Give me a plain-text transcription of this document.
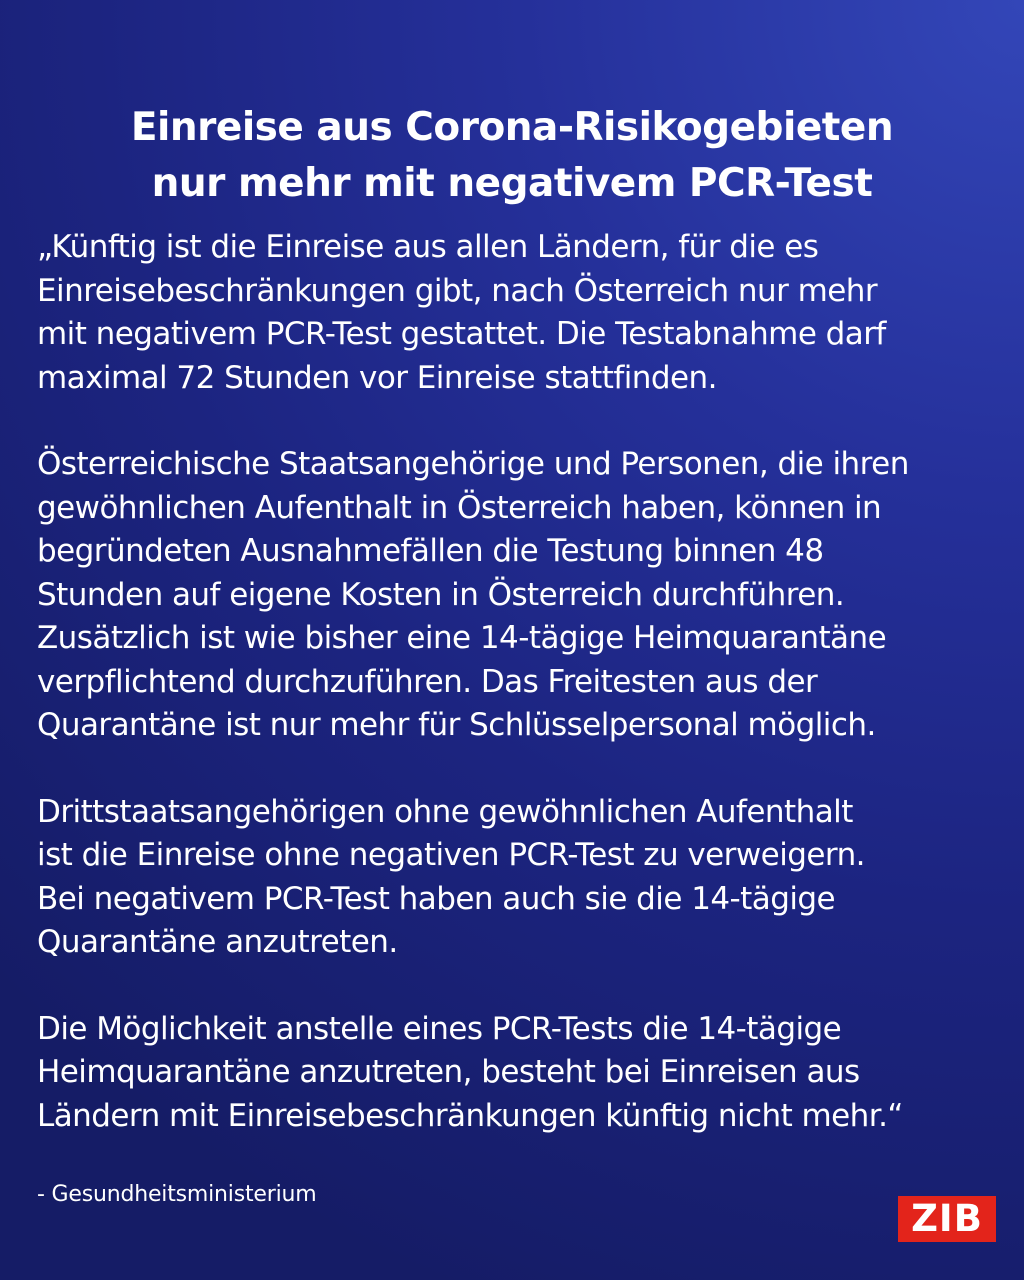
Einreise aus Corona-Risikogebieten
nur mehr mit negativem PCR-Test

„Künftig ist die Einreise aus allen Ländern, für die es
Einreisebeschränkungen gibt, nach Österreich nur mehr
mit negativem PCR-Test gestattet. Die Testabnahme darf
maximal 72 Stunden vor Einreise stattfinden.

Österreichische Staatsangehörige und Personen, die ihren
gewöhnlichen Aufenthalt in Österreich haben, können in
begründeten Ausnahmefällen die Testung binnen 48
Stunden auf eigene Kosten in Österreich durchführen.
Zusätzlich ist wie bisher eine 14-tägige Heimquarantäne
verpflichtend durchzuführen. Das Freitesten aus der
Quarantäne ist nur mehr für Schlüsselpersonal möglich.

Drittstaatsangehörigen ohne gewöhnlichen Aufenthalt
ist die Einreise ohne negativen PCR-Test zu verweigern.
Bei negativem PCR-Test haben auch sie die 14-tägige
Quarantäne anzutreten.

Die Möglichkeit anstelle eines PCR-Tests die 14-tägige
Heimquarantäne anzutreten, besteht bei Einreisen aus
Ländern mit Einreisebeschränkungen künftig nicht mehr.“

- Gesundheitsministerium
ZIB
